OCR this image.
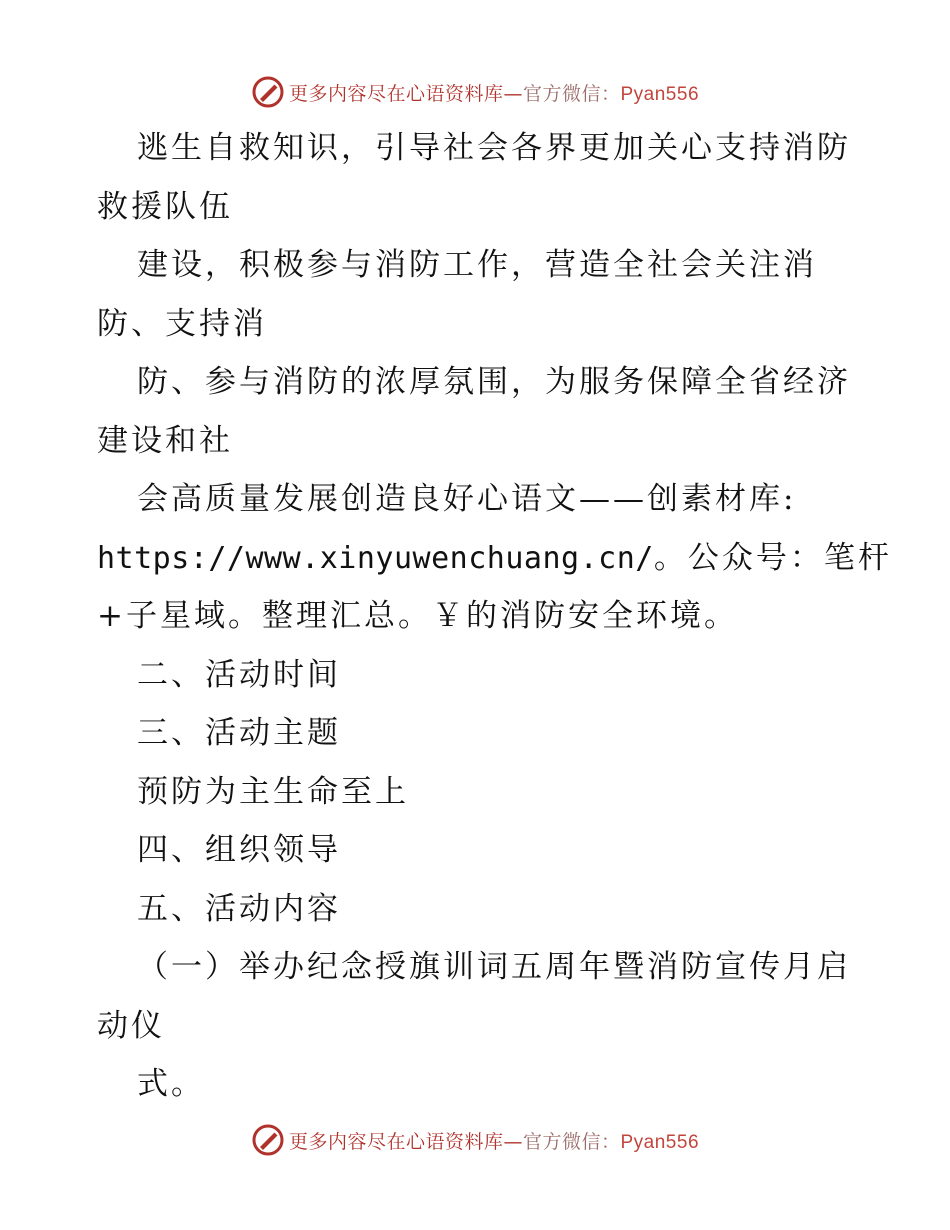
更多内容尽在心语资料库—官方微信：Pyan556
逃生自救知识，引导社会各界更加关心支持消防
救援队伍
建设，积极参与消防工作，营造全社会关注消
防、支持消
防、参与消防的浓厚氛围，为服务保障全省经济
建设和社
会高质量发展创造良好心语文——创素材库:
https://www.xinyuwenchuang.cn/。公众号：笔杆
+子星域。整理汇总。￥的消防安全环境。
二、活动时间
三、活动主题
预防为主生命至上
四、组织领导
五、活动内容
（一）举办纪念授旗训词五周年暨消防宣传月启
动仪
式。
更多内容尽在心语资料库—官方微信：Pyan556
